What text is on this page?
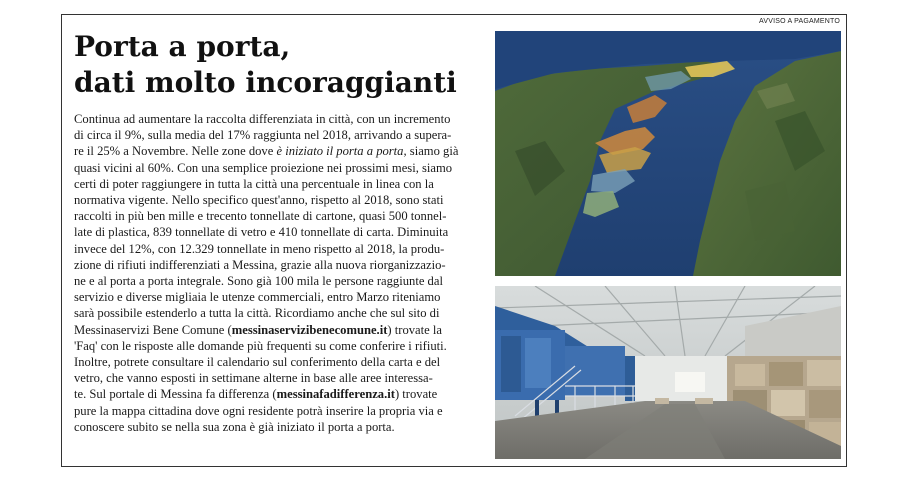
AVVISO A PAGAMENTO
Porta a porta,
dati molto incoraggianti
Continua ad aumentare la raccolta differenziata in città, con un incremento
di circa il 9%, sulla media del 17% raggiunta nel 2018, arrivando a supera-
re il 25% a Novembre. Nelle zone dove è iniziato il porta a porta, siamo già
quasi vicini al 60%. Con una semplice proiezione nei prossimi mesi, siamo
certi di poter raggiungere in tutta la città una percentuale in linea con la
normativa vigente. Nello specifico quest'anno, rispetto al 2018, sono stati
raccolti in più ben mille e trecento tonnellate di cartone, quasi 500 tonnel-
late di plastica, 839 tonnellate di vetro e 410 tonnellate di carta. Diminuita
invece del 12%, con 12.329 tonnellate in meno rispetto al 2018, la produ-
zione di rifiuti indifferenziati a Messina, grazie alla nuova riorganizzazio-
ne e al porta a porta integrale. Sono già 100 mila le persone raggiunte dal
servizio e diverse migliaia le utenze commerciali, entro Marzo riteniamo
sarà possibile estenderlo a tutta la città. Ricordiamo anche che sul sito di
Messinaservizi Bene Comune (messinaservizibenecomune.it) trovate la
'Faq' con le risposte alle domande più frequenti su come conferire i rifiuti.
Inoltre, potrete consultare il calendario sul conferimento della carta e del
vetro, che vanno esposti in settimane alterne in base alle aree interessa-
te. Sul portale di Messina fa differenza (messinafadifferenza.it) trovate
pure la mappa cittadina dove ogni residente potrà inserire la propria via e
conoscere subito se nella sua zona è già iniziato il porta a porta.
